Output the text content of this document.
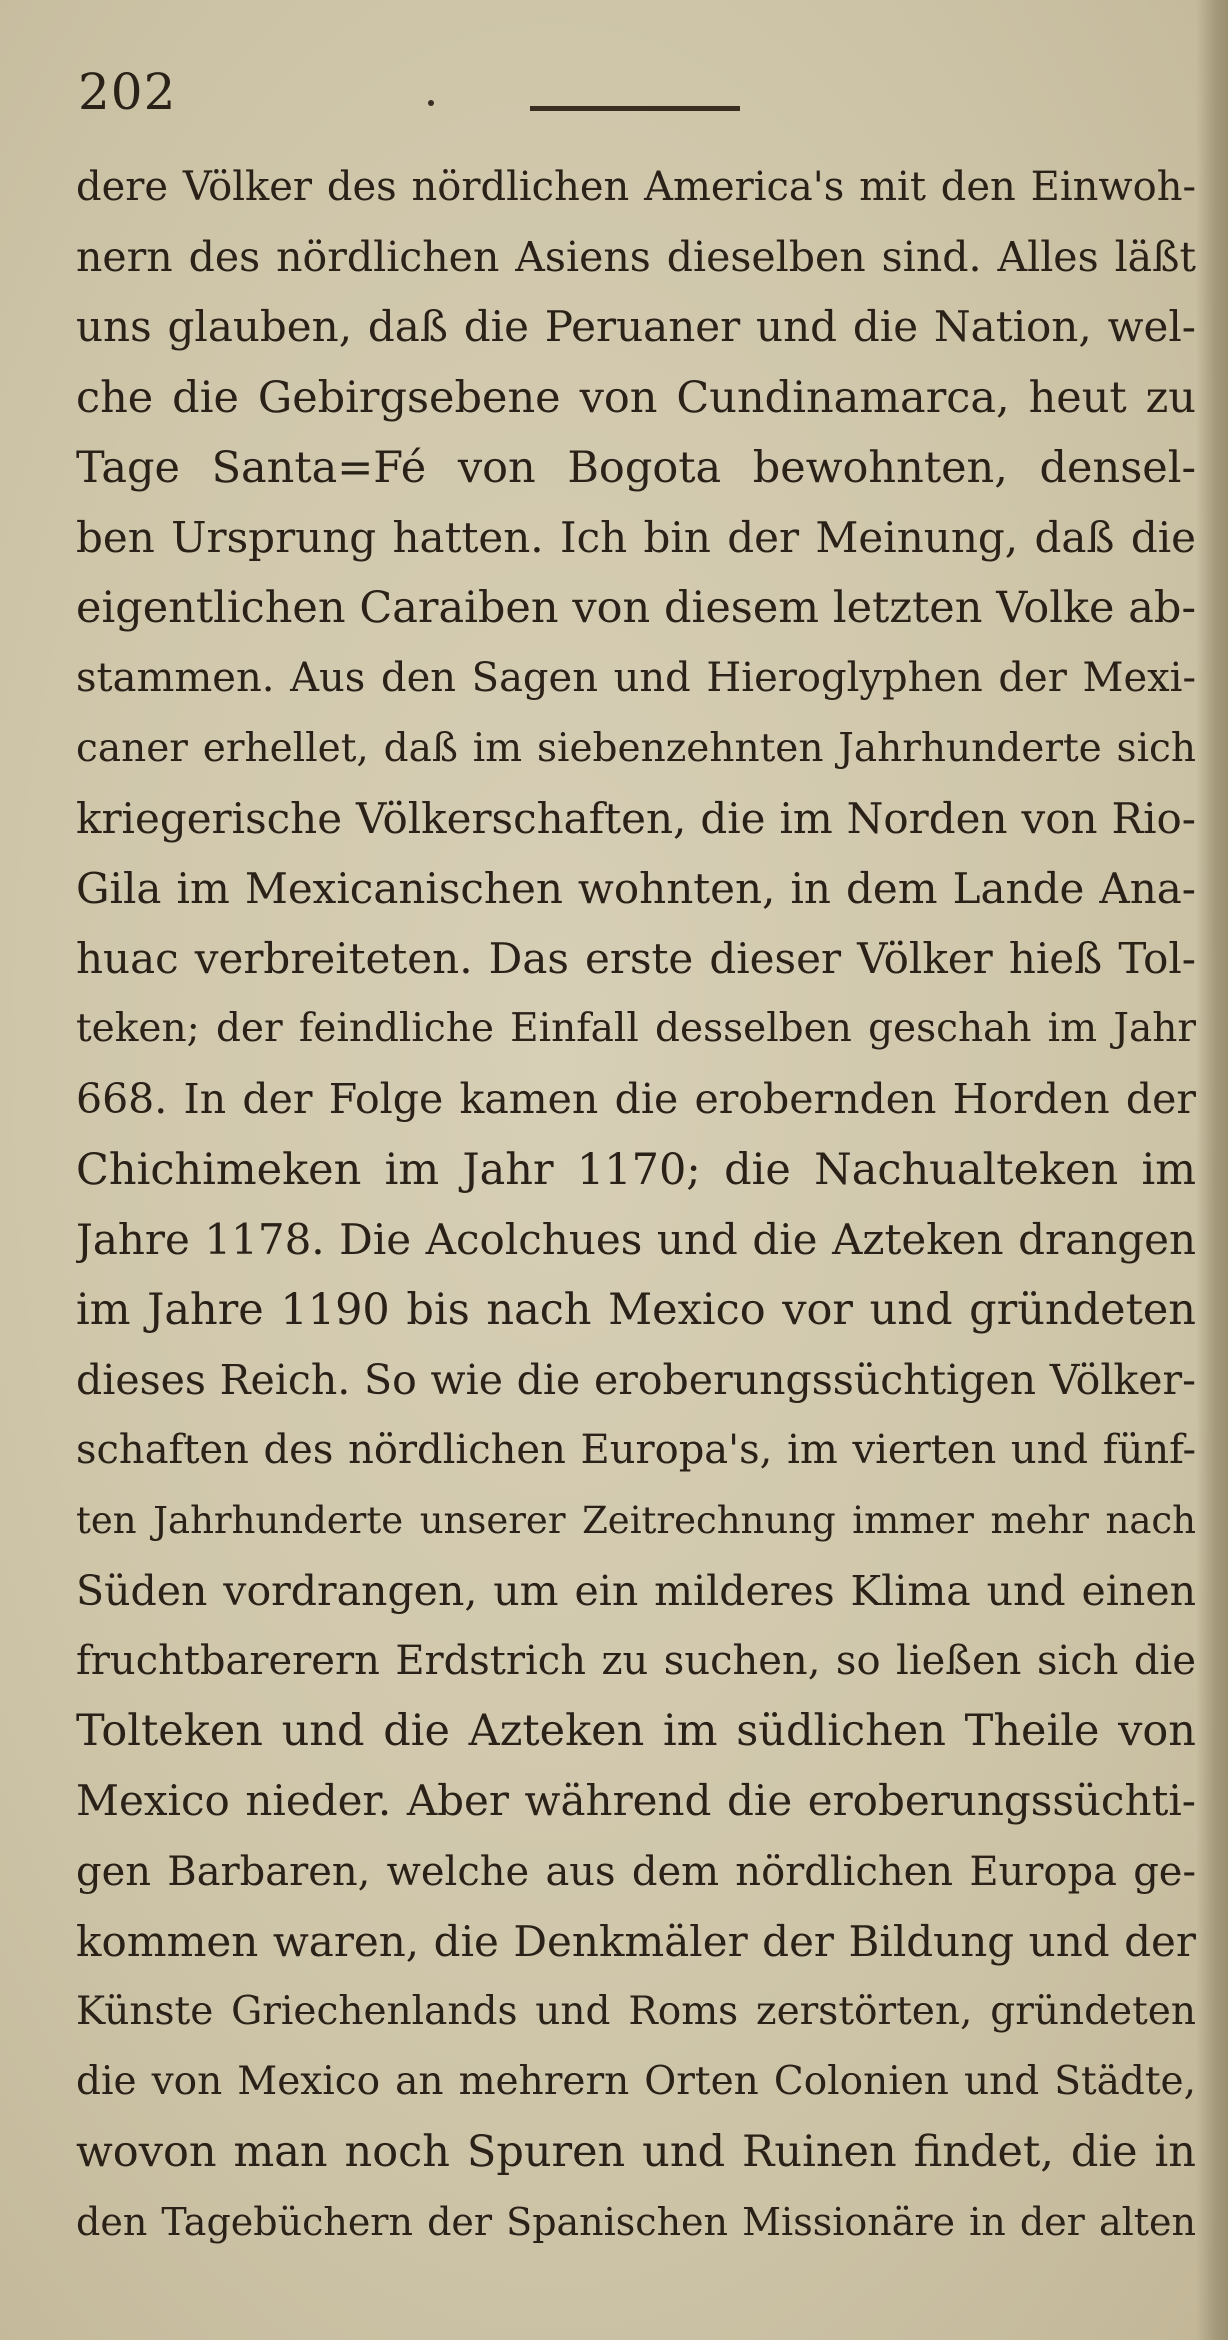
202
dere Völker des nördlichen America's mit den Einwoh-
nern des nördlichen Asiens dieselben sind. Alles läßt
uns glauben, daß die Peruaner und die Nation, wel-
che die Gebirgsebene von Cundinamarca, heut zu
Tage Santa=Fé von Bogota bewohnten, densel-
ben Ursprung hatten. Ich bin der Meinung, daß die
eigentlichen Caraiben von diesem letzten Volke ab-
stammen. Aus den Sagen und Hieroglyphen der Mexi-
caner erhellet, daß im siebenzehnten Jahrhunderte sich
kriegerische Völkerschaften, die im Norden von Rio-
Gila im Mexicanischen wohnten, in dem Lande Ana-
huac verbreiteten. Das erste dieser Völker hieß Tol-
teken; der feindliche Einfall desselben geschah im Jahr
668. In der Folge kamen die erobernden Horden der
Chichimeken im Jahr 1170; die Nachualteken im
Jahre 1178. Die Acolchues und die Azteken drangen
im Jahre 1190 bis nach Mexico vor und gründeten
dieses Reich. So wie die eroberungssüchtigen Völker-
schaften des nördlichen Europa's, im vierten und fünf-
ten Jahrhunderte unserer Zeitrechnung immer mehr nach
Süden vordrangen, um ein milderes Klima und einen
fruchtbarerern Erdstrich zu suchen, so ließen sich die
Tolteken und die Azteken im südlichen Theile von
Mexico nieder. Aber während die eroberungssüchti-
gen Barbaren, welche aus dem nördlichen Europa ge-
kommen waren, die Denkmäler der Bildung und der
Künste Griechenlands und Roms zerstörten, gründeten
die von Mexico an mehrern Orten Colonien und Städte,
wovon man noch Spuren und Ruinen findet, die in
den Tagebüchern der Spanischen Missionäre in der alten
